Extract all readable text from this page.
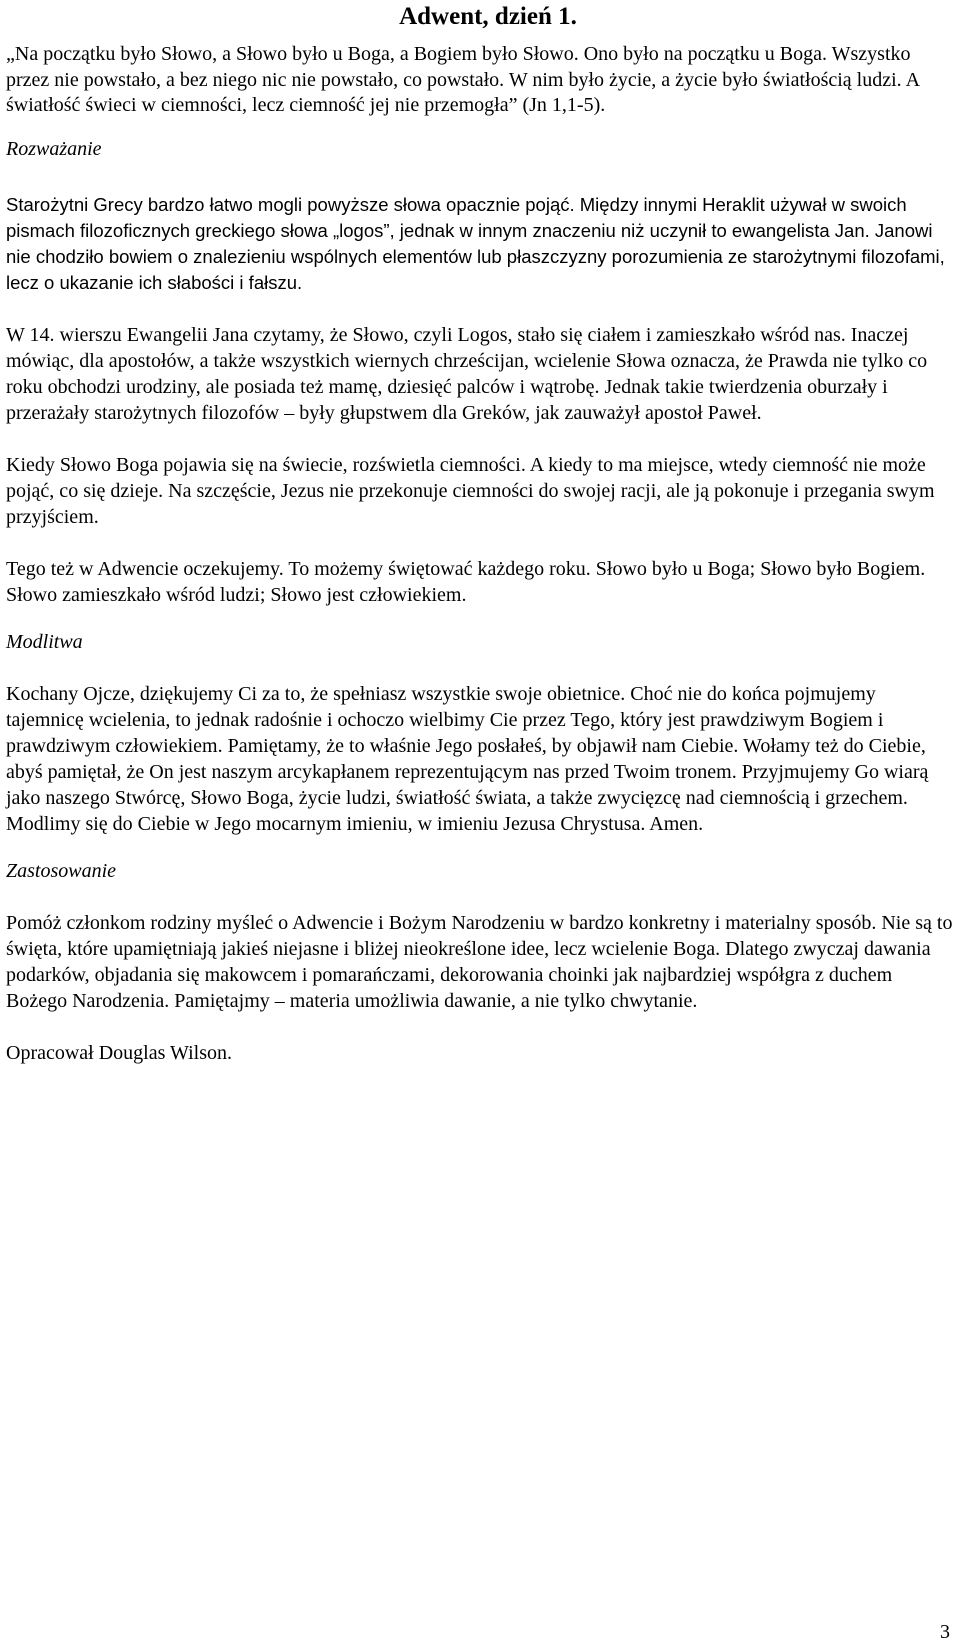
Adwent, dzień 1.

„Na początku było Słowo, a Słowo było u Boga, a Bogiem było Słowo. Ono było na początku u Boga. Wszystko przez nie powstało, a bez niego nic nie powstało, co powstało. W nim było życie, a życie było światłością ludzi. A światłość świeci w ciemności, lecz ciemność jej nie przemogła” (Jn 1,1-5).

Rozważanie

Starożytni Grecy bardzo łatwo mogli powyższe słowa opacznie pojąć. Między innymi Heraklit używał w swoich pismach filozoficznych greckiego słowa „logos”, jednak w innym znaczeniu niż uczynił to ewangelista Jan. Janowi nie chodziło bowiem o znalezieniu wspólnych elementów lub płaszczyzny porozumienia ze starożytnymi filozofami, lecz o ukazanie ich słabości i fałszu.

W 14. wierszu Ewangelii Jana czytamy, że Słowo, czyli Logos, stało się ciałem i zamieszkało wśród nas. Inaczej mówiąc, dla apostołów, a także wszystkich wiernych chrześcijan, wcielenie Słowa oznacza, że Prawda nie tylko co roku obchodzi urodziny, ale posiada też mamę, dziesięć palców i wątrobę. Jednak takie twierdzenia oburzały i przerażały starożytnych filozofów – były głupstwem dla Greków, jak zauważył apostoł Paweł.

Kiedy Słowo Boga pojawia się na świecie, rozświetla ciemności. A kiedy to ma miejsce, wtedy ciemność nie może pojąć, co się dzieje. Na szczęście, Jezus nie przekonuje ciemności do swojej racji, ale ją pokonuje i przegania swym przyjściem.

Tego też w Adwencie oczekujemy. To możemy świętować każdego roku. Słowo było u Boga; Słowo było Bogiem. Słowo zamieszkało wśród ludzi; Słowo jest człowiekiem.

Modlitwa

Kochany Ojcze, dziękujemy Ci za to, że spełniasz wszystkie swoje obietnice. Choć nie do końca pojmujemy tajemnicę wcielenia, to jednak radośnie i ochoczo wielbimy Cie przez Tego, który jest prawdziwym Bogiem i prawdziwym człowiekiem. Pamiętamy, że to właśnie Jego posłałeś, by objawił nam Ciebie. Wołamy też do Ciebie, abyś pamiętał, że On jest naszym arcykapłanem reprezentującym nas przed Twoim tronem. Przyjmujemy Go wiarą jako naszego Stwórcę, Słowo Boga, życie ludzi, światłość świata, a także zwycięzcę nad ciemnością i grzechem. Modlimy się do Ciebie w Jego mocarnym imieniu, w imieniu Jezusa Chrystusa. Amen.

Zastosowanie

Pomóż członkom rodziny myśleć o Adwencie i Bożym Narodzeniu w bardzo konkretny i materialny sposób. Nie są to święta, które upamiętniają jakieś niejasne i bliżej nieokreślone idee, lecz wcielenie Boga. Dlatego zwyczaj dawania podarków, objadania się makowcem i pomarańczami, dekorowania choinki jak najbardziej współgra z duchem Bożego Narodzenia. Pamiętajmy – materia umożliwia dawanie, a nie tylko chwytanie.

Opracował Douglas Wilson.

3
